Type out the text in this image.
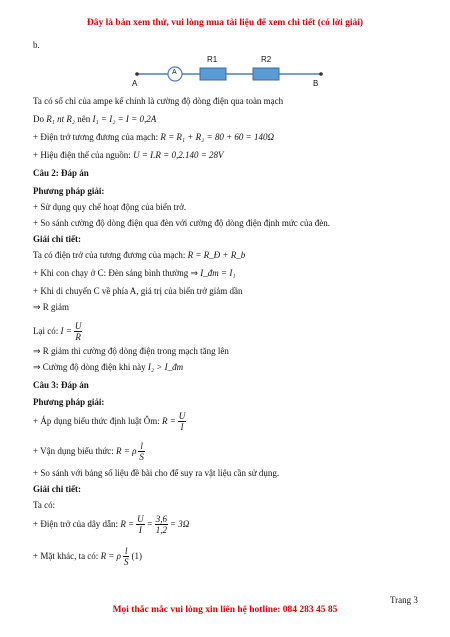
Đây là bản xem thử, vui lòng mua tài liệu để xem chi tiết (có lời giải)
b.
A	B
A
R1	R2
Ta có số chỉ của ampe kế chính là cường độ dòng điện qua toàn mạch
Do R₁ nt R₂ nên I₁ = I₂ = I = 0,2A
+ Điện trở tương đương của mạch: R = R₁ + R₂ = 80 + 60 = 140Ω
+ Hiệu điện thế của nguồn: U = I.R = 0,2.140 = 28V
Câu 2: Đáp án
Phương pháp giải:
+ Sử dụng quy chế hoạt động của biến trở.
+ So sánh cường độ dòng điện qua đèn với cường độ dòng điện định mức của đèn.
Giải chi tiết:
Ta có điện trở của tương đương của mạch: R = R_Đ + R_b
+ Khi con chạy ở C: Đèn sáng bình thường ⇒ I_đm = I₁
+ Khi di chuyển C về phía A, giá trị của biến trở giảm dần
⇒ R giảm
Lại có: $I = \frac{U}{R}$
⇒ R giảm thì cường độ dòng điện trong mạch tăng lên
⇒ Cường độ dòng điện khi này I₂ > I_đm
Câu 3: Đáp án
Phương pháp giải:
+ Áp dụng biểu thức định luật Ôm: $R = \frac{U}{I}$
+ Vận dụng biểu thức: R = ρ $\frac{l}{S}$
+ So sánh với bảng số liệu đề bài cho để suy ra vật liệu cần sử dụng.
Giải chi tiết:
Ta có:
+ Điện trở của dây dẫn: $R = \frac{U}{I} = \frac{3,6}{1,2} = 3\Omega$
+ Mặt khác, ta có: R = ρ $\frac{l}{S} (1)$
Trang 3
Mọi thắc mắc vui lòng xin liên hệ hotline: 084 283 45 85
